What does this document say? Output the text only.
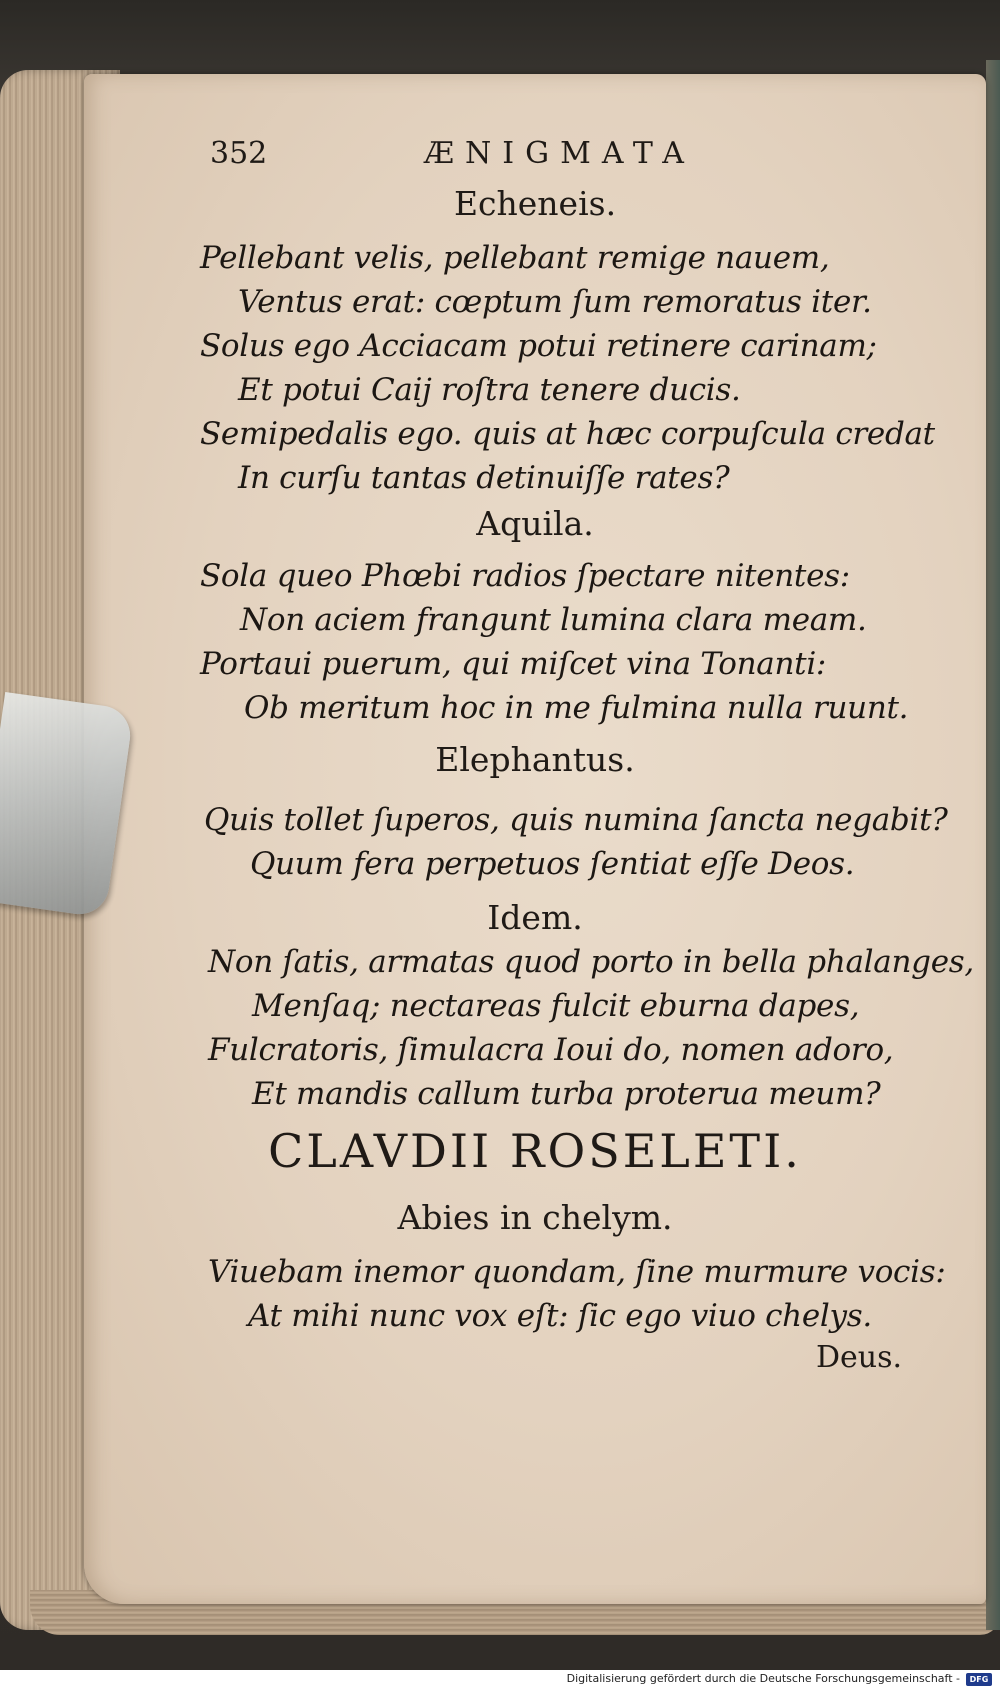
352	ÆNIGMATA
Echeneis.
Pellebant velis, pellebant remige nauem,
Ventus erat: cœptum ſum remoratus iter.
Solus ego Acciacam potui retinere carinam;
Et potui Caij roſtra tenere ducis.
Semipedalis ego. quis at hæc corpuſcula credat
In curſu tantas detinuiſſe rates?
Aquila.
Sola queo Phœbi radios ſpectare nitentes:
Non aciem frangunt lumina clara meam.
Portaui puerum, qui miſcet vina Tonanti:
Ob meritum hoc in me fulmina nulla ruunt.
Elephantus.
Quis tollet ſuperos, quis numina ſancta negabit?
Quum fera perpetuos ſentiat eſſe Deos.
Idem.
Non ſatis, armatas quod porto in bella phalanges,
Menſaq; nectareas fulcit eburna dapes,
Fulcratoris, ſimulacra Ioui do, nomen adoro,
Et mandis callum turba proterua meum?
CLAVDII ROSELETI.
Abies in chelym.
Viuebam inemor quondam, ſine murmure vocis:
At mihi nunc vox eſt: ſic ego viuo chelys.
Deus.
Digitalisierung gefördert durch die Deutsche Forschungsgemeinschaft -	DFG
